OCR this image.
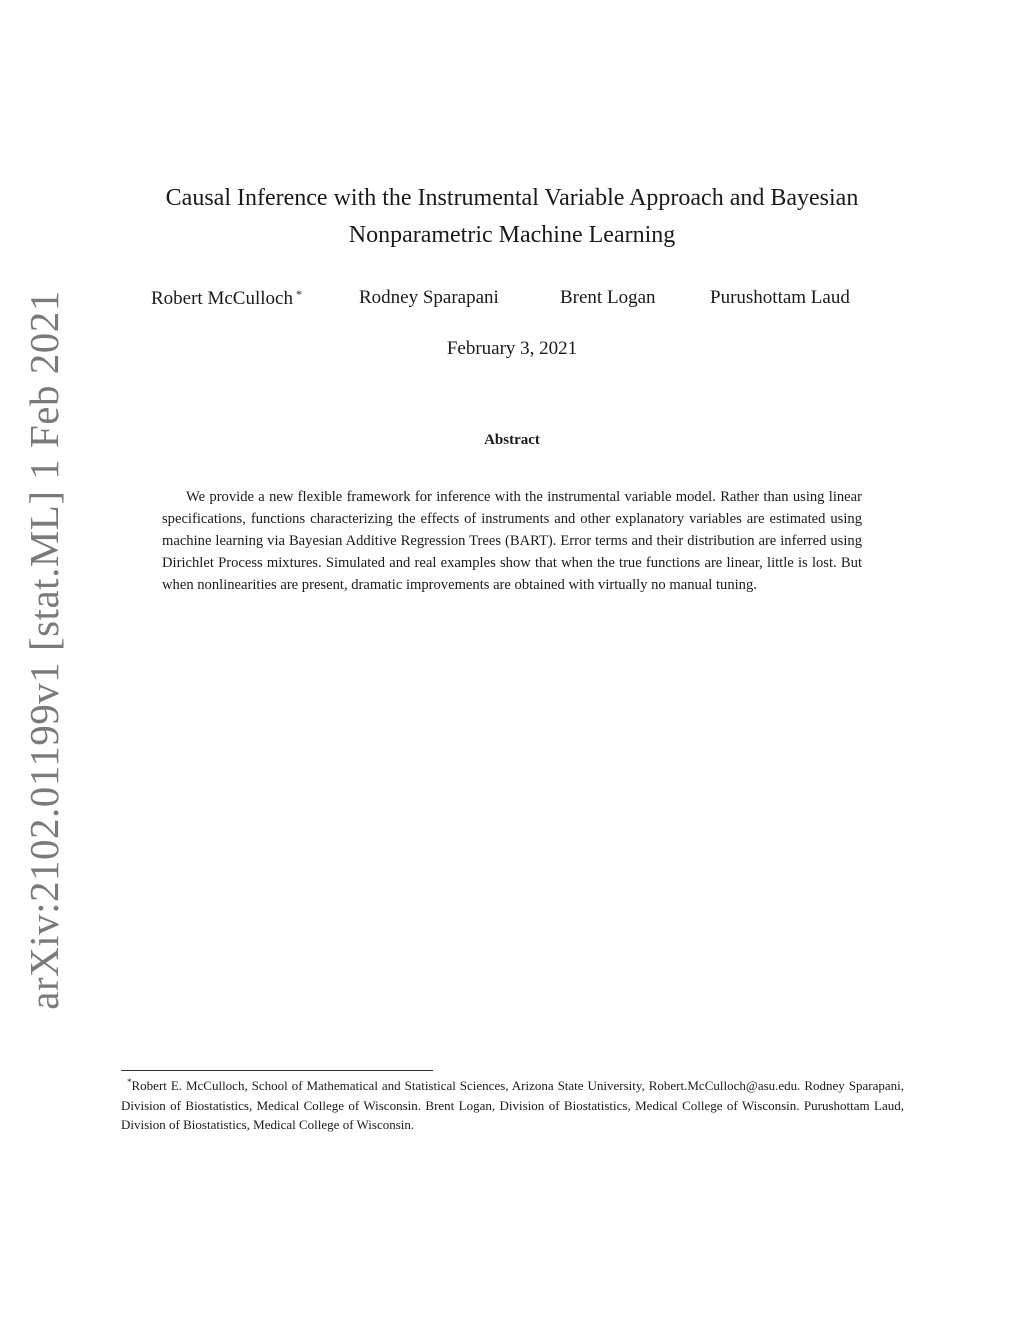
arXiv:2102.01199v1 [stat.ML] 1 Feb 2021
Causal Inference with the Instrumental Variable Approach and Bayesian
Nonparametric Machine Learning
Robert McCulloch *	Rodney Sparapani	Brent Logan	Purushottam Laud
February 3, 2021
Abstract
We provide a new flexible framework for inference with the instrumental variable model. Rather than using linear specifications, functions characterizing the effects of instruments and other explanatory variables are estimated using machine learning via Bayesian Additive Regression Trees (BART). Error terms and their distribution are inferred using Dirichlet Process mixtures. Simulated and real examples show that when the true functions are linear, little is lost. But when nonlinearities are present, dramatic improvements are obtained with virtually no manual tuning.
*Robert E. McCulloch, School of Mathematical and Statistical Sciences, Arizona State University, Robert.McCulloch@asu.edu. Rodney Sparapani, Division of Biostatistics, Medical College of Wisconsin. Brent Logan, Division of Biostatistics, Medical College of Wisconsin. Purushottam Laud, Division of Biostatistics, Medical College of Wisconsin.
